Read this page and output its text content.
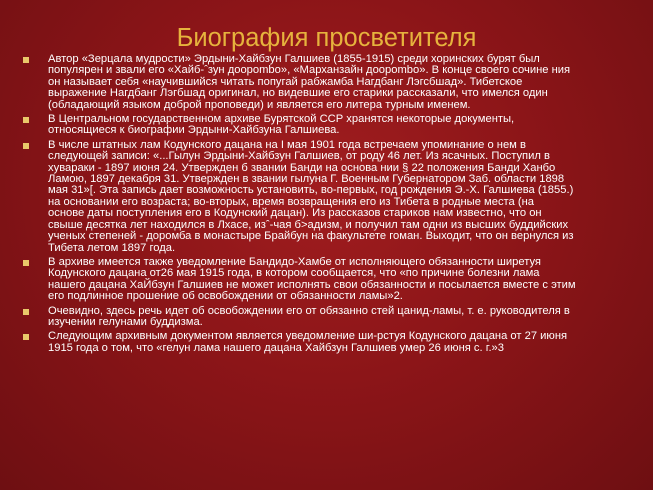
Биография просветителя
Автор «Зерцала мудрости» Эрдыни-Хайбзун Галшиев (1855-1915) среди хоринских бурят был
популярен и звали его «Хайб-ˆзун доорombo», «Марханзайн доорombo». В конце своего сочине ния
он называет себя «научившийся читать попугай рабжамба Нагдбанг Лэгсбшад». Тибетское
выражение Нагдбанг Лэгбшад оригинал, но видевшие его старики рассказали, что имелся один
(обладающий языком доброй проповеди) и является его литера турным именем.
В Центральном государственном архиве Бурятской ССР хранятся некоторые документы,
относящиеся к биографии Эрдыни-Хайбзуна Галшиева.
В числе штатных лам Кодунского дацана на I мая 1901 года встречаем упоминание о нем в
следующей записи: «...Гылун Эрдыни-Хайбзун Галшиев, от роду 46 лет. Из ясачных. Поступил в
хувараки - 1897 июня 24. Утвержден б звании Банди на основа нии § 22 положения Банди Ханбо
Ламою, 1897 декабря 31. Утвержден в звании гылуна Г. Военным Губернатором Заб. области 1898
мая 31»[. Эта запись дает возможность установить, во-первых, год рождения Э.-Х. Галшиева (1855.)
на основании его возраста; во-вторых, время возвращения его из Тибета в родные места (на
основе даты поступления его в Кодунский дацан). Из рассказов стариков нам известно, что он
свыше десятка лет находился в Лхасе, изˆ-чая б>адизм, и получил там одни из высших буддийских
ученых степеней - доромба в монастыре Брайбун на факультете гоман. Выходит, что он вернулся из
Тибета летом 1897 года.
В архиве имеется также уведомление Бандидо-Хамбе от исполняющего обязанности ширетуя
Кодунского дацана от26 мая 1915 года, в котором сообщается, что «по причине болезни лама
нашего дацана ХаЙбзун Галшиев не может исполнять свои обязанности и посылается вместе с этим
его подлинное прошение об освобождении от обязанности ламы»2.
Очевидно, здесь речь идет об освобождении его от обязанно стей цанид-ламы, т. е. руководителя в
изучении гелунами буддизма.
Следующим архивным документом является уведомление ши-рстуя Кодунского дацана от 27 июня
1915 года о том, что «гелун лама нашего дацана Хайбзун Галшиев умер 26 июня с. г.»3
